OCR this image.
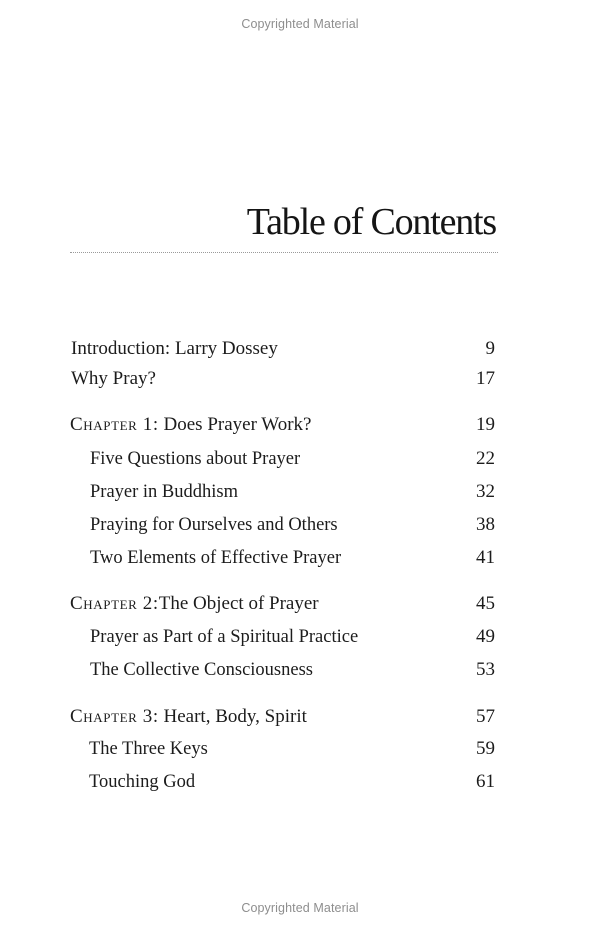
Copyrighted Material
Table of Contents
Introduction: Larry Dossey	9
Why Pray?	17
Chapter 1: Does Prayer Work?	19
Five Questions about Prayer	22
Prayer in Buddhism	32
Praying for Ourselves and Others	38
Two Elements of Effective Prayer	41
Chapter 2:The Object of Prayer	45
Prayer as Part of a Spiritual Practice	49
The Collective Consciousness	53
Chapter 3: Heart, Body, Spirit	57
The Three Keys	59
Touching God	61
Copyrighted Material
